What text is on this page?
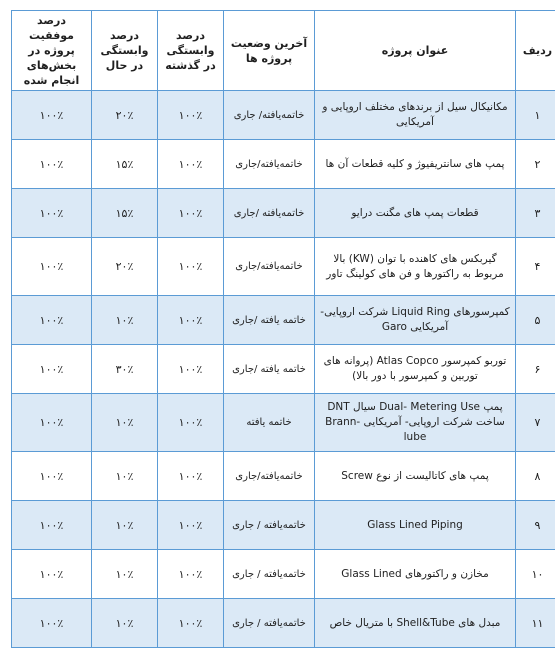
ردیف	عنوان پروژه	آخرین وضعیت پروژه ها	درصد وابستگی در گذشته	درصد وابستگی در حال	درصد موفقیت پروژه در بخش‌های انجام شده
۱	مکانیکال سیل از برندهای مختلف اروپایی و آمریکایی	خاتمه‌یافته/ جاری	۱۰۰٪	۲۰٪	۱۰۰٪
۲	پمپ های سانتریفیوژ و کلیه قطعات آن ها	خاتمه‌یافته/جاری	۱۰۰٪	۱۵٪	۱۰۰٪
۳	قطعات پمپ های مگنت درایو	خاتمه‌یافته /جاری	۱۰۰٪	۱۵٪	۱۰۰٪
۴	گیربکس های کاهنده با توان (KW) بالا مربوط به راکتورها و فن های کولینگ تاور	خاتمه‌یافته/جاری	۱۰۰٪	۲۰٪	۱۰۰٪
۵	کمپرسورهای Liquid Ring شرکت اروپایی- آمریکایی Garo	خاتمه یافته /جاری	۱۰۰٪	۱۰٪	۱۰۰٪
۶	توربو کمپرسور Atlas Copco (پروانه های توربین و کمپرسور با دور بالا)	خاتمه یافته /جاری	۱۰۰٪	۳۰٪	۱۰۰٪
۷	پمپ Dual- Metering Use سیال DNT ساخت شرکت اروپایی- آمریکایی Brann-lube	خاتمه یافته	۱۰۰٪	۱۰٪	۱۰۰٪
۸	پمپ های کاتالیست از نوع Screw	خاتمه‌یافته/جاری	۱۰۰٪	۱۰٪	۱۰۰٪
۹	Glass Lined Piping	خاتمه‌یافته / جاری	۱۰۰٪	۱۰٪	۱۰۰٪
۱۰	مخازن و راکتورهای Glass Lined	خاتمه‌یافته / جاری	۱۰۰٪	۱۰٪	۱۰۰٪
۱۱	مبدل های Shell&Tube با متریال خاص	خاتمه‌یافته / جاری	۱۰۰٪	۱۰٪	۱۰۰٪
